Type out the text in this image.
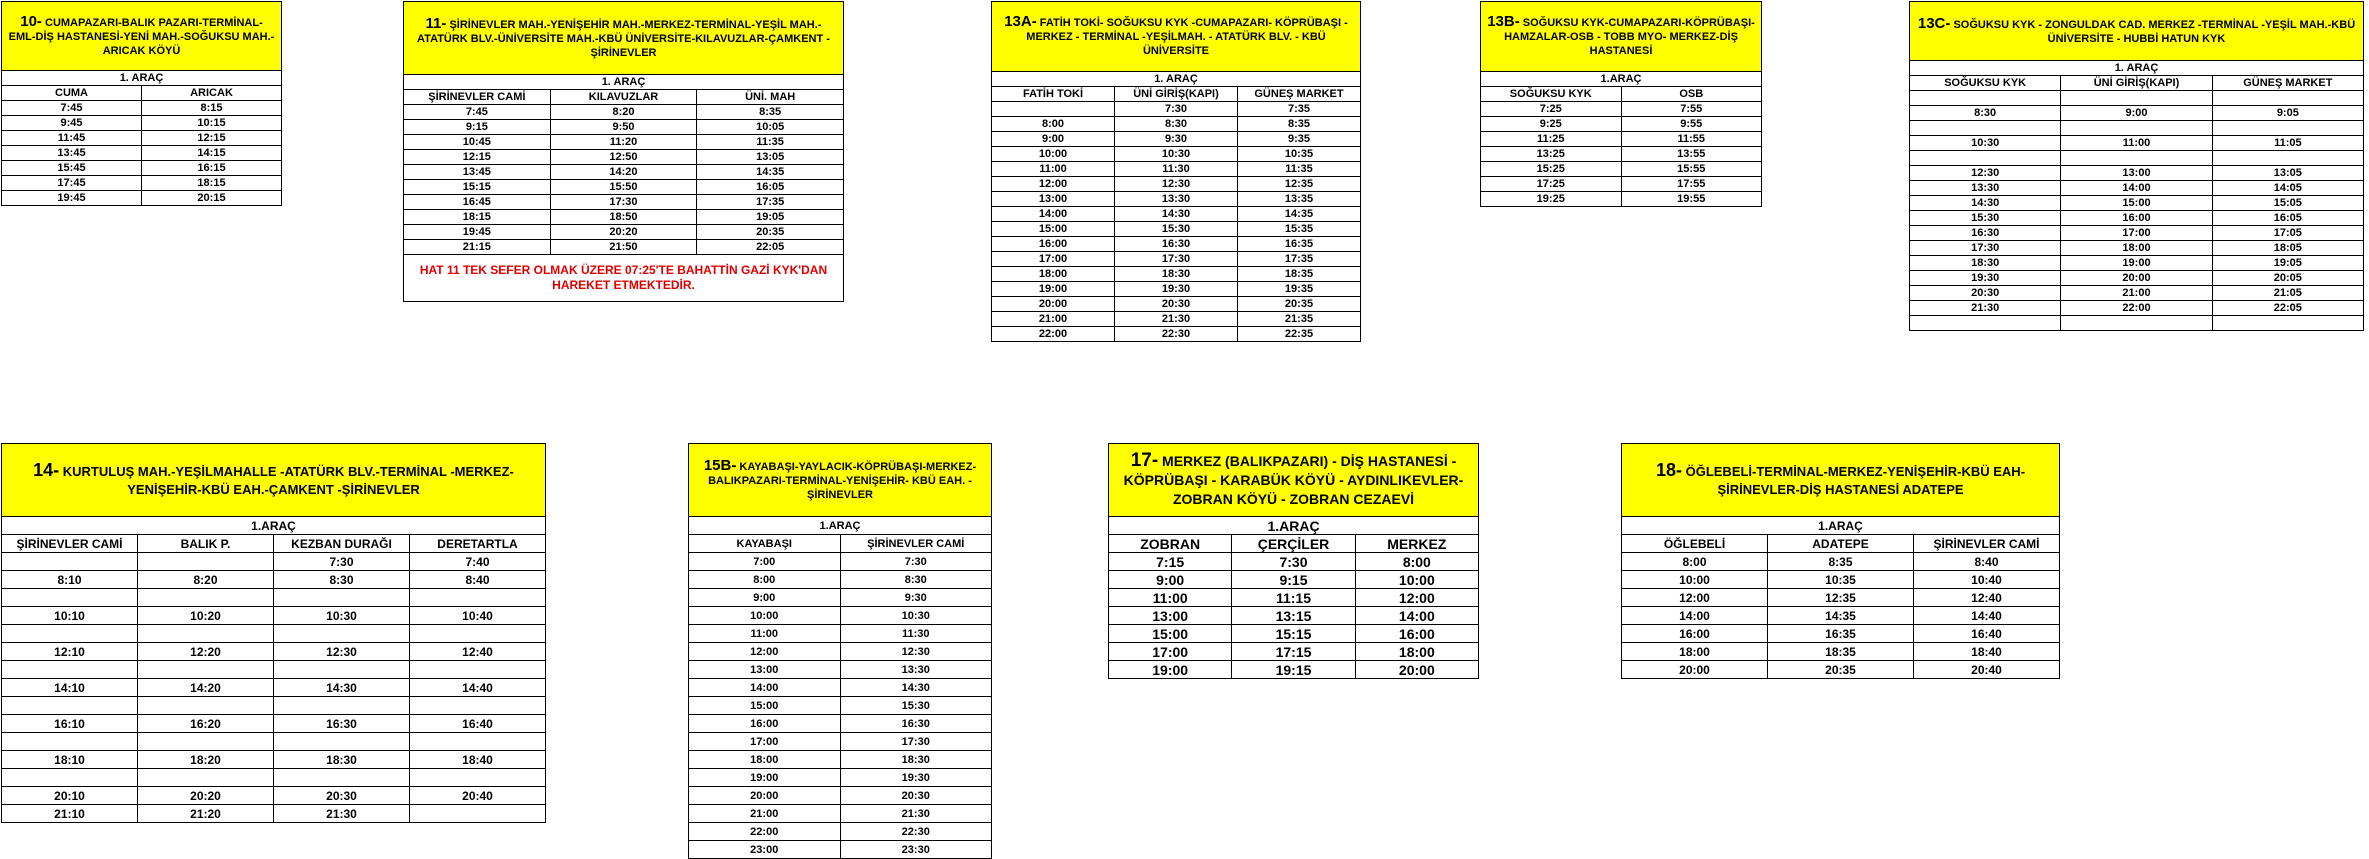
10- CUMAPAZARI-BALIK PAZARI-TERMİNAL-EML-DİŞ HASTANESİ-YENİ MAH.-SOĞUKSU MAH.-ARICAK KÖYÜ	
1. ARAÇ	
CUMA	ARICAK
7:45	8:15
9:45	10:15
11:45	12:15
13:45	14:15
15:45	16:15
17:45	18:15
19:45	20:15
11- ŞİRİNEVLER MAH.-YENİŞEHİR MAH.-MERKEZ-TERMİNAL-YEŞİL MAH.-ATATÜRK BLV.-ÜNİVERSİTE MAH.-KBÜ ÜNİVERSİTE-KILAVUZLAR-ÇAMKENT - ŞİRİNEVLER		
1. ARAÇ		
ŞİRİNEVLER CAMİ	KILAVUZLAR	ÜNİ. MAH
7:45	8:20	8:35
9:15	9:50	10:05
10:45	11:20	11:35
12:15	12:50	13:05
13:45	14:20	14:35
15:15	15:50	16:05
16:45	17:30	17:35
18:15	18:50	19:05
19:45	20:20	20:35
21:15	21:50	22:05
HAT 11 TEK SEFER OLMAK ÜZERE 07:25'TE BAHATTİN GAZİ KYK'DAN HAREKET ETMEKTEDİR.		
13A- FATİH TOKİ- SOĞUKSU KYK -CUMAPAZARI- KÖPRÜBAŞI -MERKEZ - TERMİNAL -YEŞİLMAH. - ATATÜRK BLV. - KBÜ ÜNİVERSİTE		
1. ARAÇ		
FATİH TOKİ	ÜNİ GİRİŞ(KAPI)	GÜNEŞ MARKET
	7:30	7:35
8:00	8:30	8:35
9:00	9:30	9:35
10:00	10:30	10:35
11:00	11:30	11:35
12:00	12:30	12:35
13:00	13:30	13:35
14:00	14:30	14:35
15:00	15:30	15:35
16:00	16:30	16:35
17:00	17:30	17:35
18:00	18:30	18:35
19:00	19:30	19:35
20:00	20:30	20:35
21:00	21:30	21:35
22:00	22:30	22:35
13B- SOĞUKSU KYK-CUMAPAZARI-KÖPRÜBAŞI-HAMZALAR-OSB - TOBB MYO- MERKEZ-DİŞ HASTANESİ	
1.ARAÇ	
SOĞUKSU KYK	OSB
7:25	7:55
9:25	9:55
11:25	11:55
13:25	13:55
15:25	15:55
17:25	17:55
19:25	19:55
13C- SOĞUKSU KYK - ZONGULDAK CAD. MERKEZ -TERMİNAL -YEŞİL MAH.-KBÜ ÜNİVERSİTE - HUBBİ HATUN KYK		
1. ARAÇ		
SOĞUKSU KYK	ÜNİ GİRİŞ(KAPI)	GÜNEŞ MARKET

8:30	9:00	9:05

10:30	11:00	11:05

12:30	13:00	13:05
13:30	14:00	14:05
14:30	15:00	15:05
15:30	16:00	16:05
16:30	17:00	17:05
17:30	18:00	18:05
18:30	19:00	19:05
19:30	20:00	20:05
20:30	21:00	21:05
21:30	22:00	22:05

14- KURTULUŞ MAH.-YEŞİLMAHALLE -ATATÜRK BLV.-TERMİNAL -MERKEZ-YENİŞEHİR-KBÜ EAH.-ÇAMKENT -ŞİRİNEVLER			
1.ARAÇ			
ŞİRİNEVLER CAMİ	BALIK P.	KEZBAN DURAĞI	DERETARTLA
		7:30	7:40
8:10	8:20	8:30	8:40

10:10	10:20	10:30	10:40

12:10	12:20	12:30	12:40

14:10	14:20	14:30	14:40

16:10	16:20	16:30	16:40

18:10	18:20	18:30	18:40

20:10	20:20	20:30	20:40
21:10	21:20	21:30	
15B- KAYABAŞI-YAYLACIK-KÖPRÜBAŞI-MERKEZ-BALIKPAZARI-TERMİNAL-YENİŞEHİR- KBÜ EAH. - ŞİRİNEVLER	
1.ARAÇ	
KAYABAŞI	ŞİRİNEVLER CAMİ
7:00	7:30
8:00	8:30
9:00	9:30
10:00	10:30
11:00	11:30
12:00	12:30
13:00	13:30
14:00	14:30
15:00	15:30
16:00	16:30
17:00	17:30
18:00	18:30
19:00	19:30
20:00	20:30
21:00	21:30
22:00	22:30
23:00	23:30
17- MERKEZ (BALIKPAZARI) - DİŞ HASTANESİ - KÖPRÜBAŞI - KARABÜK KÖYÜ - AYDINLIKEVLER- ZOBRAN KÖYÜ - ZOBRAN CEZAEVİ		
1.ARAÇ		
ZOBRAN	ÇERÇİLER	MERKEZ
7:15	7:30	8:00
9:00	9:15	10:00
11:00	11:15	12:00
13:00	13:15	14:00
15:00	15:15	16:00
17:00	17:15	18:00
19:00	19:15	20:00
18- ÖĞLEBELİ-TERMİNAL-MERKEZ-YENİŞEHİR-KBÜ EAH-ŞİRİNEVLER-DİŞ HASTANESİ ADATEPE		
1.ARAÇ		
ÖĞLEBELİ	ADATEPE	ŞİRİNEVLER CAMİ
8:00	8:35	8:40
10:00	10:35	10:40
12:00	12:35	12:40
14:00	14:35	14:40
16:00	16:35	16:40
18:00	18:35	18:40
20:00	20:35	20:40
